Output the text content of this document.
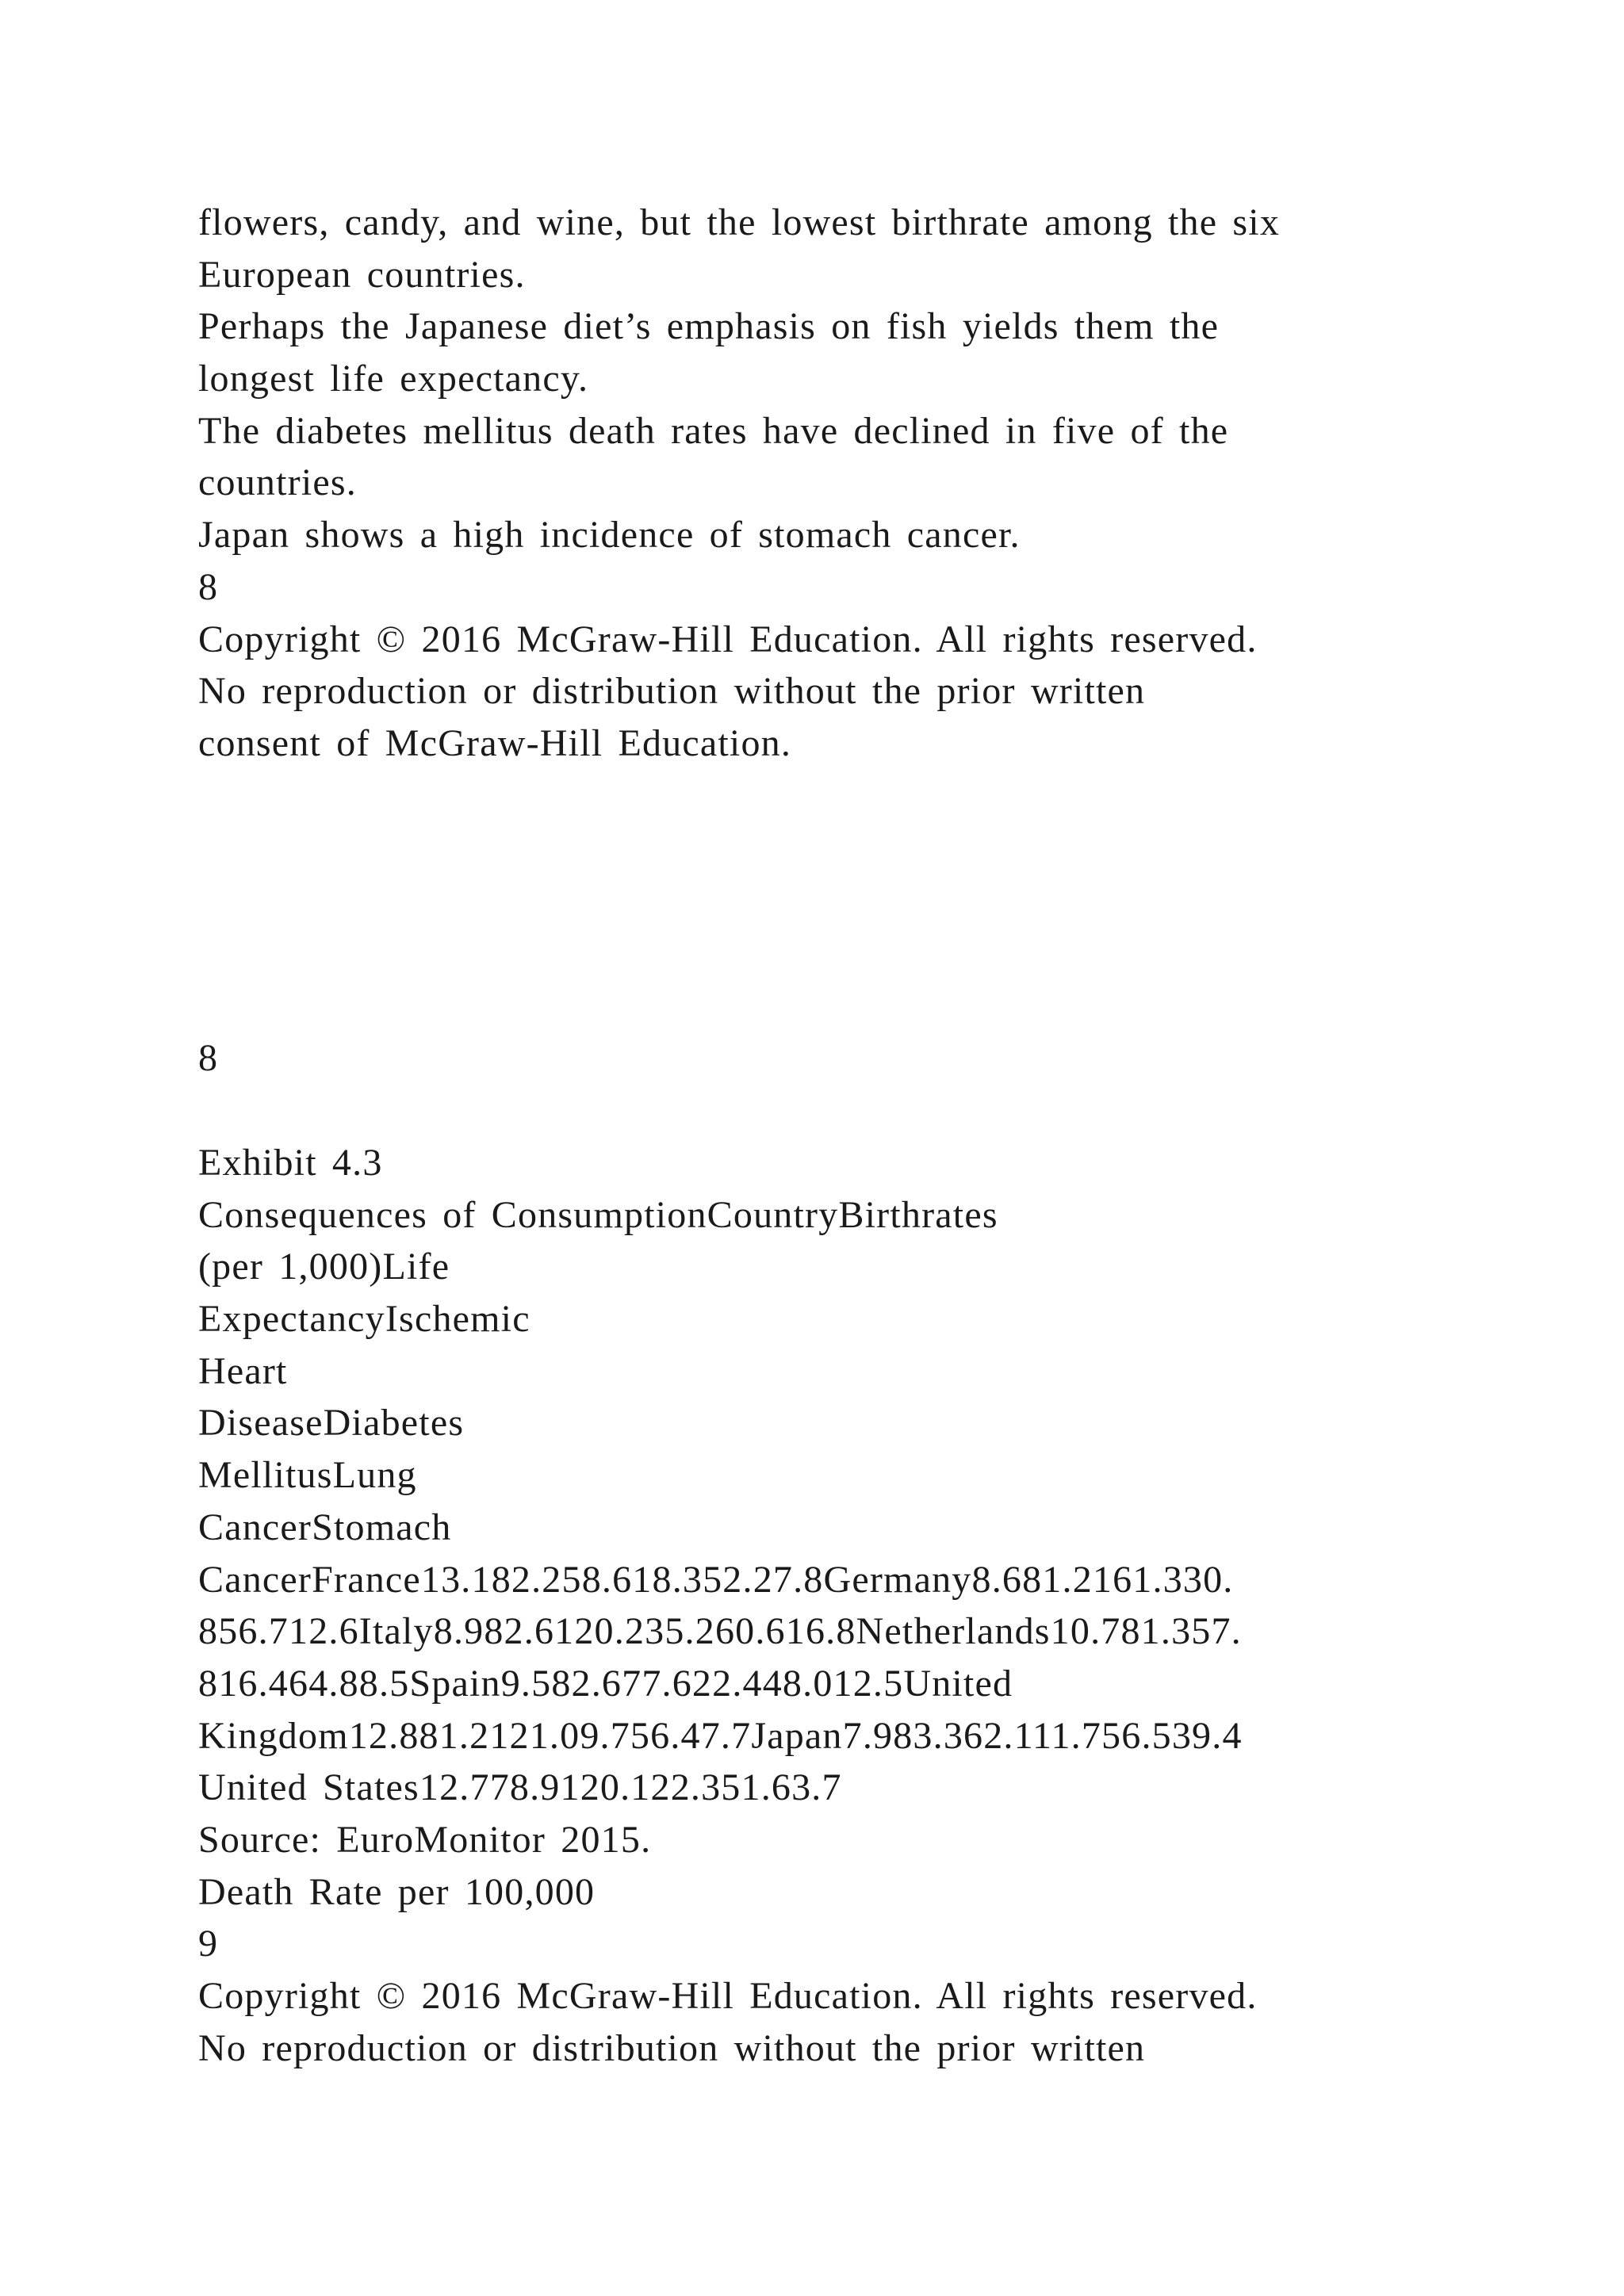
flowers, candy, and wine, but the lowest birthrate among the six
European countries.
Perhaps the Japanese diet’s emphasis on fish yields them the
longest life expectancy.
The diabetes mellitus death rates have declined in five of the
countries.
Japan shows a high incidence of stomach cancer.
8
Copyright © 2016 McGraw-Hill Education. All rights reserved.
No reproduction or distribution without the prior written
consent of McGraw-Hill Education.
8
Exhibit 4.3
Consequences of ConsumptionCountryBirthrates
(per 1,000)Life
ExpectancyIschemic
Heart
DiseaseDiabetes
MellitusLung
CancerStomach
CancerFrance13.182.258.618.352.27.8Germany8.681.2161.330.
856.712.6Italy8.982.6120.235.260.616.8Netherlands10.781.357.
816.464.88.5Spain9.582.677.622.448.012.5United
Kingdom12.881.2121.09.756.47.7Japan7.983.362.111.756.539.4
United States12.778.9120.122.351.63.7
Source: EuroMonitor 2015.
Death Rate per 100,000
9
Copyright © 2016 McGraw-Hill Education. All rights reserved.
No reproduction or distribution without the prior written
